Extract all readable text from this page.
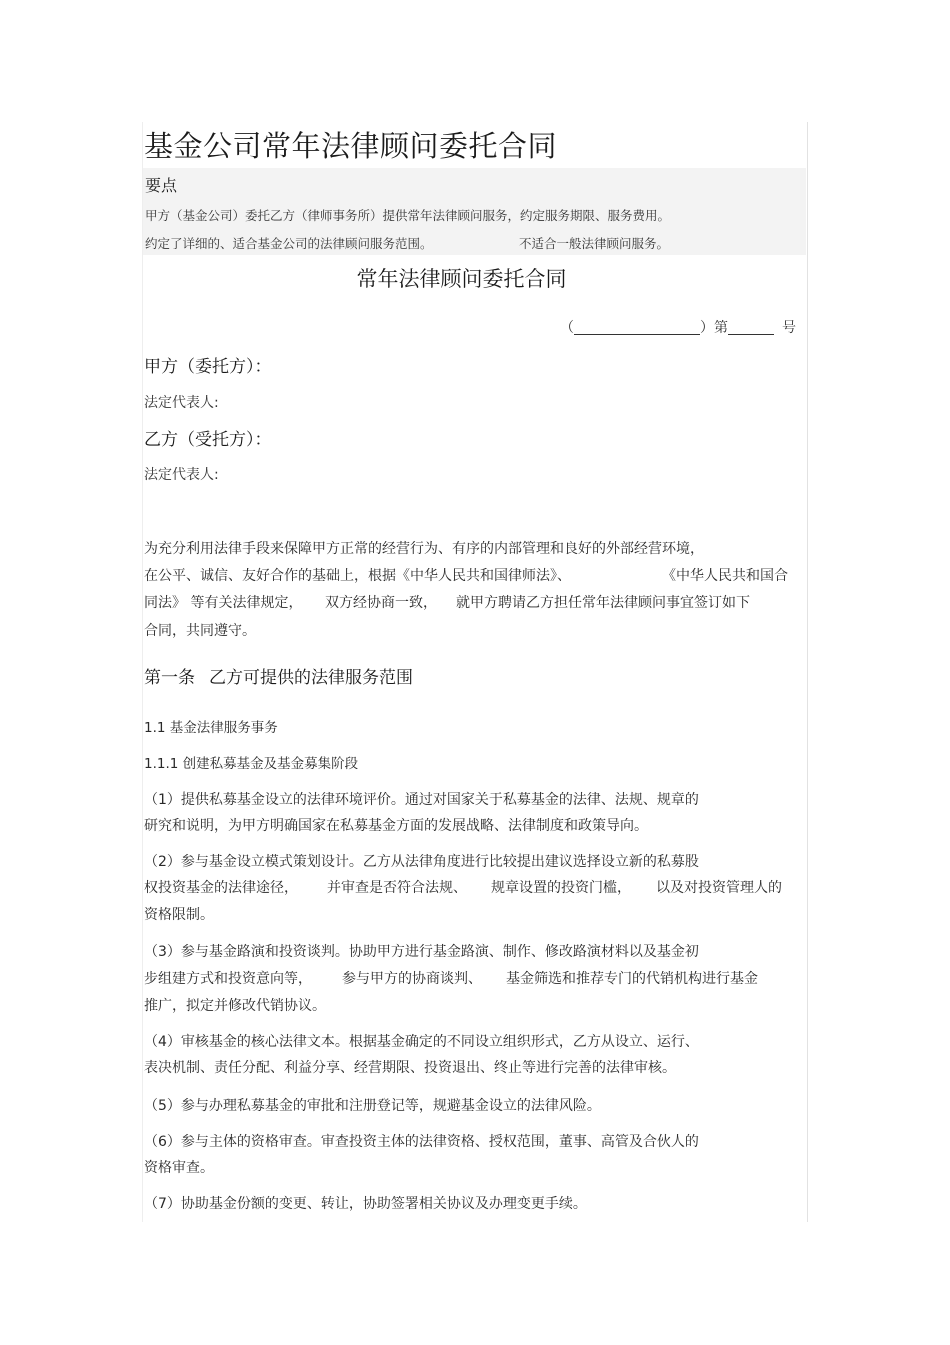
基金公司常年法律顾问委托合同
要点
甲方（基金公司）委托乙方（律师事务所）提供常年法律顾问服务，约定服务期限、服务费用。
约定了详细的、适合基金公司的法律顾问服务范围。	不适合一般法律顾问服务。
常年法律顾问委托合同
（	）第	号
甲方（委托方）：
法定代表人:
乙方（受托方）：
法定代表人:
为充分利用法律手段来保障甲方正常的经营行为、有序的内部管理和良好的外部经营环境，
在公平、诚信、友好合作的基础上，根据《中华人民共和国律师法》、	《中华人民共和国合
同法》 等有关法律规定， 双方经协商一致， 就甲方聘请乙方担任常年法律顾问事宜签订如下
合同，共同遵守。
第一条 乙方可提供的法律服务范围
1.1 基金法律服务事务
1.1.1 创建私募基金及基金募集阶段
（1）提供私募基金设立的法律环境评价。通过对国家关于私募基金的法律、法规、规章的
研究和说明，为甲方明确国家在私募基金方面的发展战略、法律制度和政策导向。
（2）参与基金设立模式策划设计。乙方从法律角度进行比较提出建议选择设立新的私募股
权投资基金的法律途径， 并审查是否符合法规、 规章设置的投资门槛， 以及对投资管理人的
资格限制。
（3）参与基金路演和投资谈判。协助甲方进行基金路演、制作、修改路演材料以及基金初
步组建方式和投资意向等， 参与甲方的协商谈判、 基金筛选和推荐专门的代销机构进行基金
推广，拟定并修改代销协议。
（4）审核基金的核心法律文本。根据基金确定的不同设立组织形式，乙方从设立、运行、
表决机制、责任分配、利益分享、经营期限、投资退出、终止等进行完善的法律审核。
（5）参与办理私募基金的审批和注册登记等，规避基金设立的法律风险。
（6）参与主体的资格审查。审查投资主体的法律资格、授权范围，董事、高管及合伙人的
资格审查。
（7）协助基金份额的变更、转让，协助签署相关协议及办理变更手续。
